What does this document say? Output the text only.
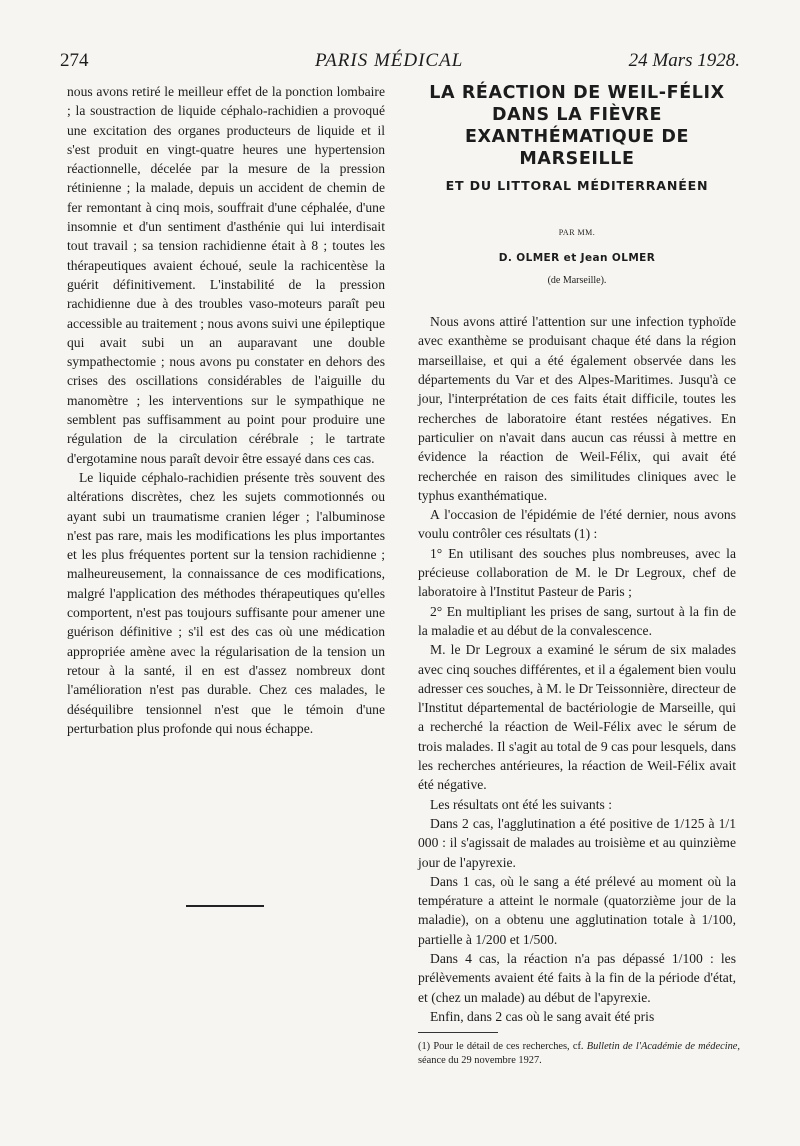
274	PARIS MÉDICAL	24 Mars 1928.

nous avons retiré le meilleur effet de la ponction lombaire ; la soustraction de liquide céphalo-rachidien a provoqué une excitation des organes producteurs de liquide et il s'est produit en vingt-quatre heures une hypertension réactionnelle, décelée par la mesure de la pression rétinienne ; la malade, depuis un accident de chemin de fer remontant à cinq mois, souffrait d'une céphalée, d'une insomnie et d'un sentiment d'asthénie qui lui interdisait tout travail ; sa tension rachidienne était à 8 ; toutes les thérapeutiques avaient échoué, seule la rachicentèse la guérit définitivement. L'instabilité de la pression rachidienne due à des troubles vaso-moteurs paraît peu accessible au traitement ; nous avons suivi une épileptique qui avait subi un an auparavant une double sympathectomie ; nous avons pu constater en dehors des crises des oscillations considérables de l'aiguille du manomètre ; les interventions sur le sympathique ne semblent pas suffisamment au point pour produire une régulation de la circulation cérébrale ; le tartrate d'ergotamine nous paraît devoir être essayé dans ces cas.

Le liquide céphalo-rachidien présente très souvent des altérations discrètes, chez les sujets commotionnés ou ayant subi un traumatisme cranien léger ; l'albuminose n'est pas rare, mais les modifications les plus importantes et les plus fréquentes portent sur la tension rachidienne ; malheureusement, la connaissance de ces modifications, malgré l'application des méthodes thérapeutiques qu'elles comportent, n'est pas toujours suffisante pour amener une guérison définitive ; s'il est des cas où une médication appropriée amène avec la régularisation de la tension un retour à la santé, il en est d'assez nombreux dont l'amélioration n'est pas durable. Chez ces malades, le déséquilibre tensionnel n'est que le témoin d'une perturbation plus profonde qui nous échappe.

LA RÉACTION DE WEIL-FÉLIX DANS LA FIÈVRE EXANTHÉMATIQUE DE MARSEILLE
ET DU LITTORAL MÉDITERRANÉEN
PAR MM.
D. OLMER et Jean OLMER
(de Marseille).

Nous avons attiré l'attention sur une infection typhoïde avec exanthème se produisant chaque été dans la région marseillaise, et qui a été également observée dans les départements du Var et des Alpes-Maritimes. Jusqu'à ce jour, l'interprétation de ces faits était difficile, toutes les recherches de laboratoire étant restées négatives. En particulier on n'avait dans aucun cas réussi à mettre en évidence la réaction de Weil-Félix, qui avait été recherchée en raison des similitudes cliniques avec le typhus exanthématique.

A l'occasion de l'épidémie de l'été dernier, nous avons voulu contrôler ces résultats (1) :

1° En utilisant des souches plus nombreuses, avec la précieuse collaboration de M. le Dr Legroux, chef de laboratoire à l'Institut Pasteur de Paris ;

2° En multipliant les prises de sang, surtout à la fin de la maladie et au début de la convalescence.

M. le Dr Legroux a examiné le sérum de six malades avec cinq souches différentes, et il a également bien voulu adresser ces souches, à M. le Dr Teissonnière, directeur de l'Institut départemental de bactériologie de Marseille, qui a recherché la réaction de Weil-Félix avec le sérum de trois malades. Il s'agit au total de 9 cas pour lesquels, dans les recherches antérieures, la réaction de Weil-Félix avait été négative.

Les résultats ont été les suivants :

Dans 2 cas, l'agglutination a été positive de 1/125 à 1/1 000 : il s'agissait de malades au troisième et au quinzième jour de l'apyrexie.

Dans 1 cas, où le sang a été prélevé au moment où la température a atteint le normale (quatorzième jour de la maladie), on a obtenu une agglutination totale à 1/100, partielle à 1/200 et 1/500.

Dans 4 cas, la réaction n'a pas dépassé 1/100 : les prélèvements avaient été faits à la fin de la période d'état, et (chez un malade) au début de l'apyrexie.

Enfin, dans 2 cas où le sang avait été pris

(1) Pour le détail de ces recherches, cf. Bulletin de l'Académie de médecine, séance du 29 novembre 1927.
